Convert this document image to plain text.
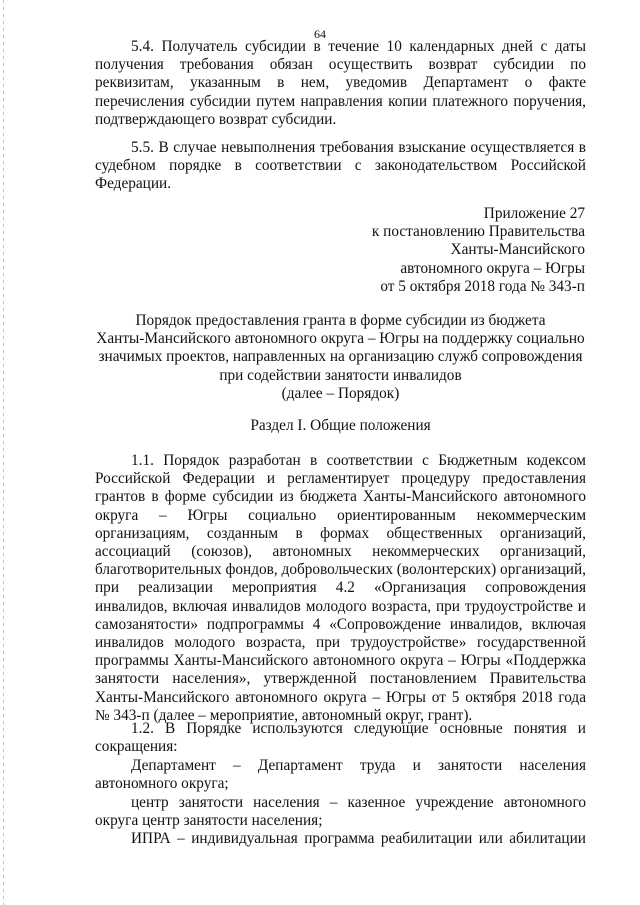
64

5.4. Получатель субсидии в течение 10 календарных дней с даты получения требования обязан осуществить возврат субсидии по реквизитам, указанным в нем, уведомив Департамент о факте перечисления субсидии путем направления копии платежного поручения, подтверждающего возврат субсидии.

5.5. В случае невыполнения требования взыскание осуществляется в судебном порядке в соответствии с законодательством Российской Федерации.

Приложение 27
к постановлению Правительства
Ханты-Мансийского
автономного округа – Югры
от 5 октября 2018 года № 343-п
Порядок предоставления гранта в форме субсидии из бюджета
Ханты-Мансийского автономного округа – Югры на поддержку социально
значимых проектов, направленных на организацию служб сопровождения
при содействии занятости инвалидов
(далее – Порядок)
Раздел I. Общие положения

1.1. Порядок разработан в соответствии с Бюджетным кодексом Российской Федерации и регламентирует процедуру предоставления грантов в форме субсидии из бюджета Ханты-Мансийского автономного округа – Югры социально ориентированным некоммерческим организациям, созданным в формах общественных организаций, ассоциаций (союзов), автономных некоммерческих организаций, благотворительных фондов, добровольческих (волонтерских) организаций, при реализации мероприятия 4.2 «Организация сопровождения инвалидов, включая инвалидов молодого возраста, при трудоустройстве и самозанятости» подпрограммы 4 «Сопровождение инвалидов, включая инвалидов молодого возраста, при трудоустройстве» государственной программы Ханты-Мансийского автономного округа – Югры «Поддержка занятости населения», утвержденной постановлением Правительства Ханты-Мансийского автономного округа – Югры от 5 октября 2018 года № 343-п (далее – мероприятие, автономный округ, грант).

1.2. В Порядке используются следующие основные понятия и сокращения:

Департамент – Департамент труда и занятости населения автономного округа;

центр занятости населения – казенное учреждение автономного округа центр занятости населения;

ИПРА – индивидуальная программа реабилитации или абилитации
